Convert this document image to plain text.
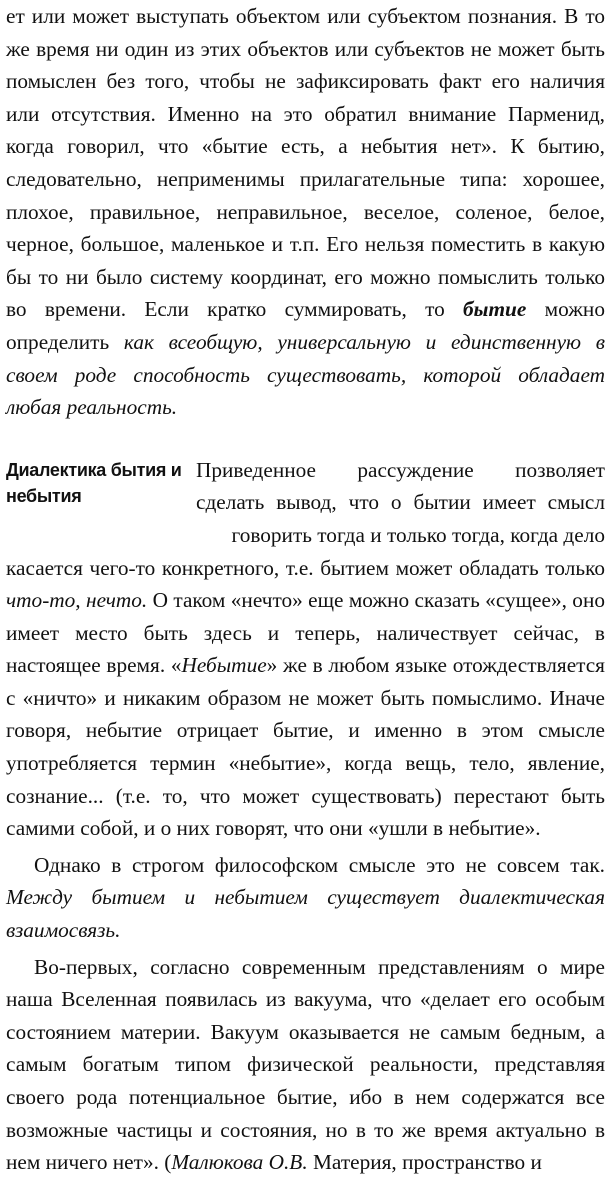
ет или может выступать объектом или субъектом познания. В то же время ни один из этих объектов или субъектов не может быть помыслен без того, чтобы не зафиксировать факт его наличия или отсутствия. Именно на это обратил внимание Парменид, когда говорил, что «бытие есть, а небытия нет». К бытию, следовательно, неприменимы прилагательные типа: хорошее, плохое, правильное, неправильное, веселое, соленое, белое, черное, большое, маленькое и т.п. Его нельзя поместить в какую бы то ни было систему координат, его можно помыслить только во времени. Если кратко суммировать, то бытие можно определить как всеобщую, универсальную и единственную в своем роде способность существовать, которой обладает любая реальность.

Диалектика бытия и небытия

Приведенное рассуждение позволяет

сделать вывод, что о бытии имеет смысл

говорить тогда и только тогда, когда дело

касается чего-то конкретного, т.е. бытием может обладать только что-то, нечто. О таком «нечто» еще можно сказать «сущее», оно имеет место быть здесь и теперь, наличествует сейчас, в настоящее время. «Небытие» же в любом языке отождествляется с «ничто» и никаким образом не может быть помыслимо. Иначе говоря, небытие отрицает бытие, и именно в этом смысле употребляется термин «небытие», когда вещь, тело, явление, сознание... (т.е. то, что может существовать) перестают быть самими собой, и о них говорят, что они «ушли в небытие».

Однако в строгом философском смысле это не совсем так. Между бытием и небытием существует диалектическая взаимосвязь.

Во-первых, согласно современным представлениям о мире наша Вселенная появилась из вакуума, что «делает его особым состоянием материи. Вакуум оказывается не самым бедным, а самым богатым типом физической реальности, представляя своего рода потенциальное бытие, ибо в нем содержатся все возможные частицы и состояния, но в то же время актуально в нем ничего нет». (Малюкова О.В. Материя, пространство и
